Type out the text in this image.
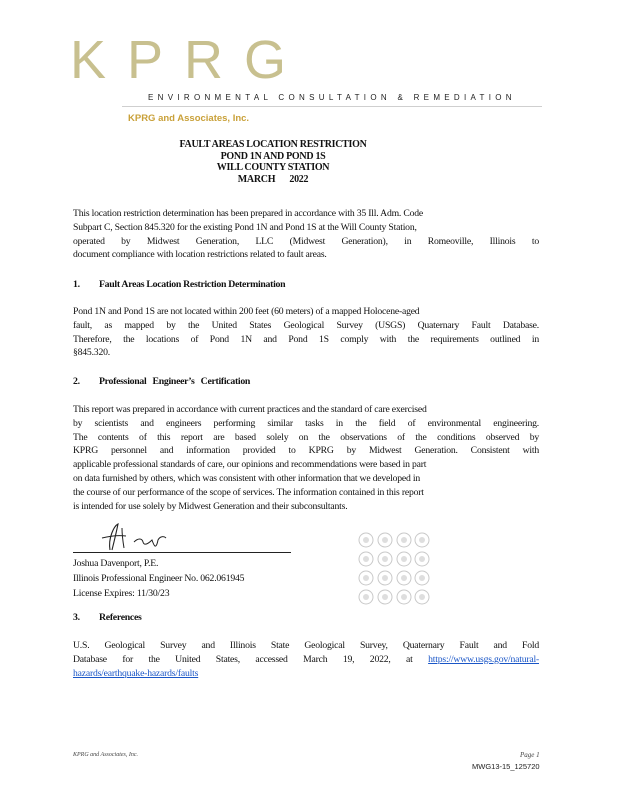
KPRG
ENVIRONMENTAL CONSULTATION & REMEDIATION
KPRG and Associates, Inc.
FAULT AREAS LOCATION RESTRICTION
POND 1N AND POND 1S
WILL COUNTY STATION
MARCH 2022
This location restriction determination has been prepared in accordance with 35 Ill. Adm. Code
Subpart C, Section 845.320 for the existing Pond 1N and Pond 1S at the Will County Station,
operated by Midwest Generation, LLC (Midwest Generation), in Romeoville, Illinois to
document compliance with location restrictions related to fault areas.
1. Fault Areas Location Restriction Determination
Pond 1N and Pond 1S are not located within 200 feet (60 meters) of a mapped Holocene-aged
fault, as mapped by the United States Geological Survey (USGS) Quaternary Fault Database.
Therefore, the locations of Pond 1N and Pond 1S comply with the requirements outlined in
§845.320.
2. Professional Engineer’s Certification
This report was prepared in accordance with current practices and the standard of care exercised
by scientists and engineers performing similar tasks in the field of environmental engineering.
The contents of this report are based solely on the observations of the conditions observed by
KPRG personnel and information provided to KPRG by Midwest Generation. Consistent with
applicable professional standards of care, our opinions and recommendations were based in part
on data furnished by others, which was consistent with other information that we developed in
the course of our performance of the scope of services. The information contained in this report
is intended for use solely by Midwest Generation and their subconsultants.
Joshua Davenport, P.E.
Illinois Professional Engineer No. 062.061945
License Expires: 11/30/23
3. References
U.S. Geological Survey and Illinois State Geological Survey, Quaternary Fault and Fold
Database for the United States, accessed March 19, 2022, at https://www.usgs.gov/natural-
hazards/earthquake-hazards/faults
KPRG and Associates, Inc.	Page 1
MWG13-15_125720
